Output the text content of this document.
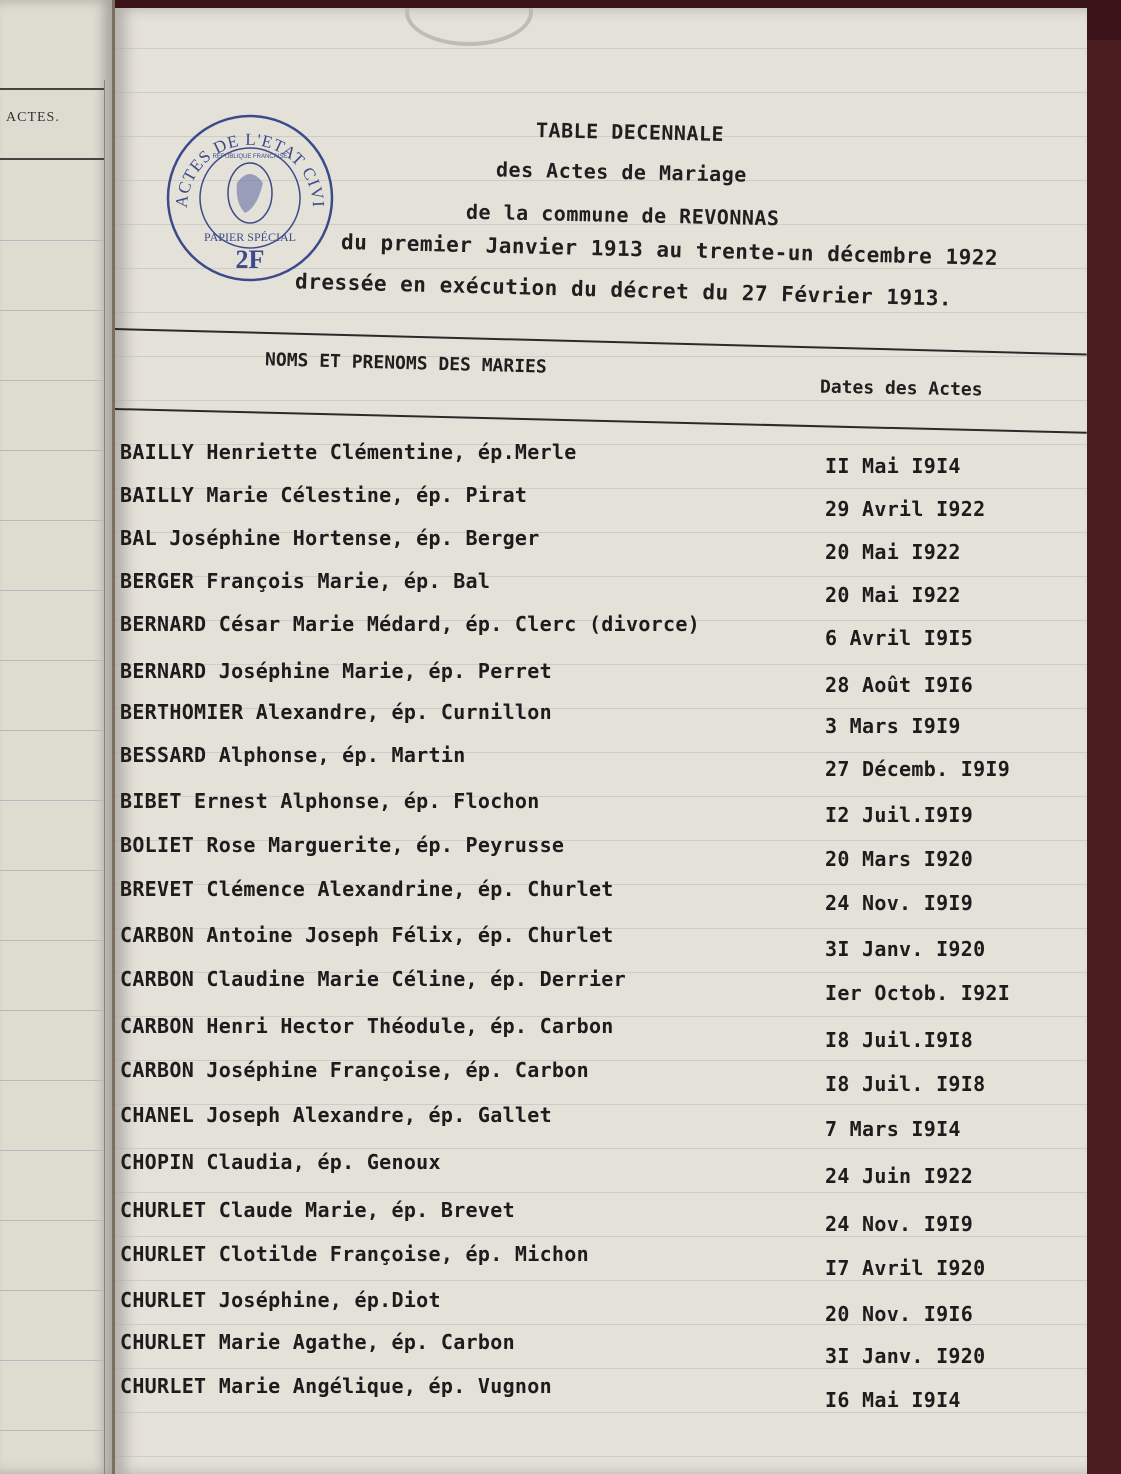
ACTES.
ACTES DE L'ETAT CIVI
PAPIER SPÉCIAL
2F
REPUBLIQUE FRANCAISE
TABLE DECENNALE
des Actes de Mariage
de la commune de REVONNAS
du premier Janvier 1913 au trente-un décembre 1922
dressée en exécution du décret du 27 Février 1913.
NOMS ET PRENOMS DES MARIES
Dates des Actes
BAILLY Henriette Clémentine, ép.Merle
II Mai I9I4
BAILLY Marie Célestine, ép. Pirat
29 Avril I922
BAL Joséphine Hortense, ép. Berger
20 Mai I922
BERGER François Marie, ép. Bal
20 Mai I922
BERNARD César Marie Médard, ép. Clerc (divorce)
6 Avril I9I5
BERNARD Joséphine Marie, ép. Perret
28 Août I9I6
BERTHOMIER Alexandre, ép. Curnillon
3 Mars I9I9
BESSARD Alphonse, ép. Martin
27 Décemb. I9I9
BIBET Ernest Alphonse, ép. Flochon
I2 Juil.I9I9
BOLIET Rose Marguerite, ép. Peyrusse
20 Mars I920
BREVET Clémence Alexandrine, ép. Churlet
24 Nov. I9I9
CARBON Antoine Joseph Félix, ép. Churlet
3I Janv. I920
CARBON Claudine Marie Céline, ép. Derrier
Ier Octob. I92I
CARBON Henri Hector Théodule, ép. Carbon
I8 Juil.I9I8
CARBON Joséphine Françoise, ép. Carbon
I8 Juil. I9I8
CHANEL Joseph Alexandre, ép. Gallet
7 Mars I9I4
CHOPIN Claudia, ép. Genoux
24 Juin I922
CHURLET Claude Marie, ép. Brevet
24 Nov. I9I9
CHURLET Clotilde Françoise, ép. Michon
I7 Avril I920
CHURLET Joséphine, ép.Diot
20 Nov. I9I6
CHURLET Marie Agathe, ép. Carbon
3I Janv. I920
CHURLET Marie Angélique, ép. Vugnon
I6 Mai I9I4
